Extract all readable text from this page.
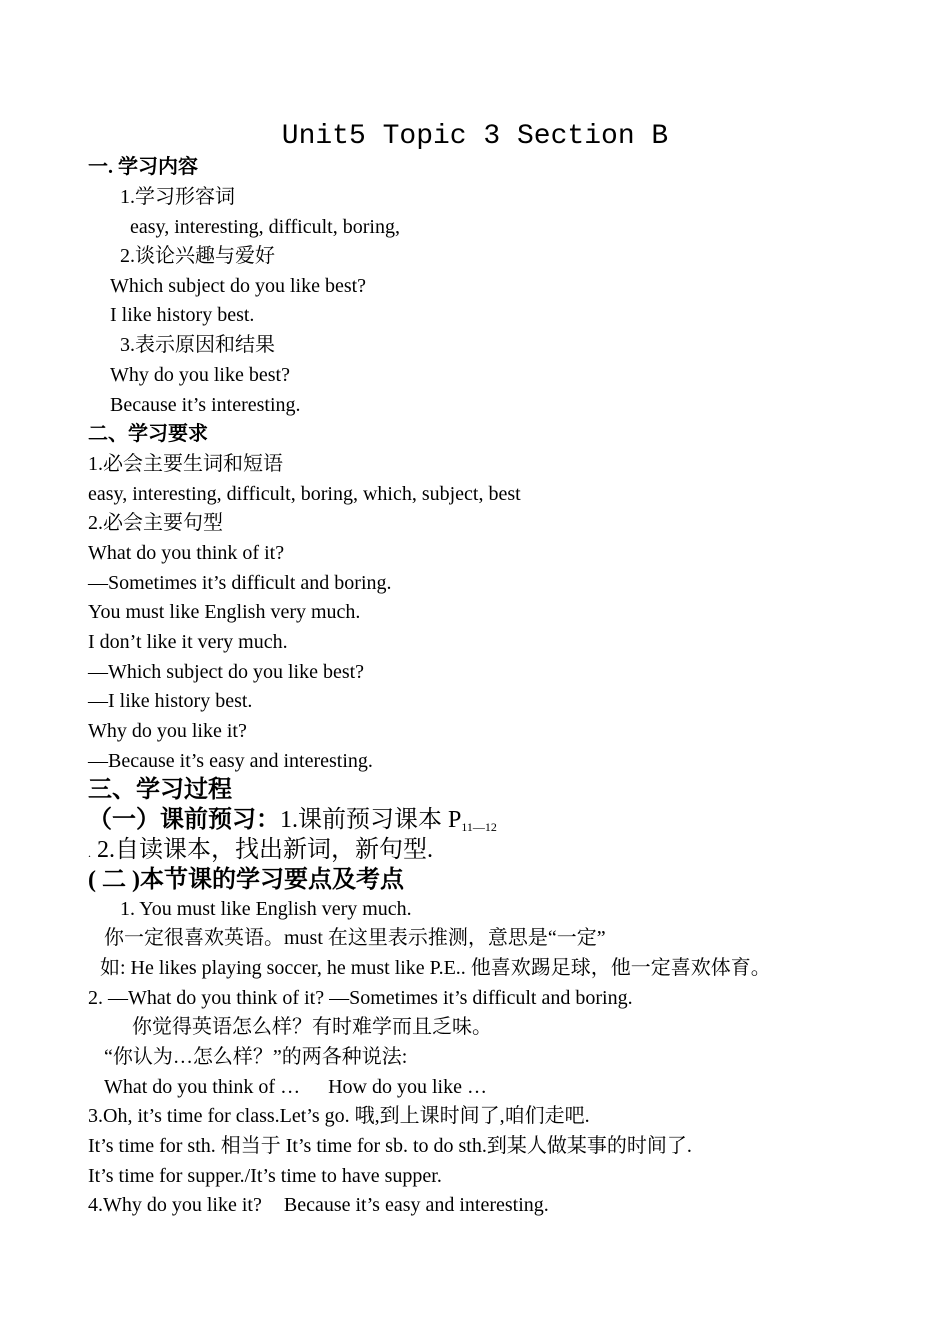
Unit5 Topic 3 Section B
一. 学习内容
1.学习形容词
easy, interesting, difficult, boring,
2.谈论兴趣与爱好
Which subject do you like best?
I like history best.
3.表示原因和结果
Why do you like best?
Because it’s interesting.
二、学习要求
1.必会主要生词和短语
easy, interesting, difficult, boring, which, subject, best
2.必会主要句型
What do you think of it?
—Sometimes it’s difficult and boring.
You must like English very much.
I don’t like it very much.
—Which subject do you like best?
—I like history best.
Why do you like it?
—Because it’s easy and interesting.
三、学习过程
（一）课前预习：1.课前预习课本 $P_{11—12}$
. 2.自读课本，找出新词，新句型.
( 二 )本节课的学习要点及考点
1. You must like English very much.
你一定很喜欢英语。must 在这里表示推测，意思是“一定”
如: He likes playing soccer, he must like P.E.. 他喜欢踢足球，他一定喜欢体育。
2. —What do you think of it? —Sometimes it’s difficult and boring.
你觉得英语怎么样？有时难学而且乏味。
“你认为…怎么样？”的两各种说法:
What do you think of … How do you like …
3.Oh, it’s time for class.Let’s go. 哦,到上课时间了,咱们走吧.
It’s time for sth. 相当于 It’s time for sb. to do sth.到某人做某事的时间了.
It’s time for supper./It’s time to have supper.
4.Why do you like it? Because it’s easy and interesting.
